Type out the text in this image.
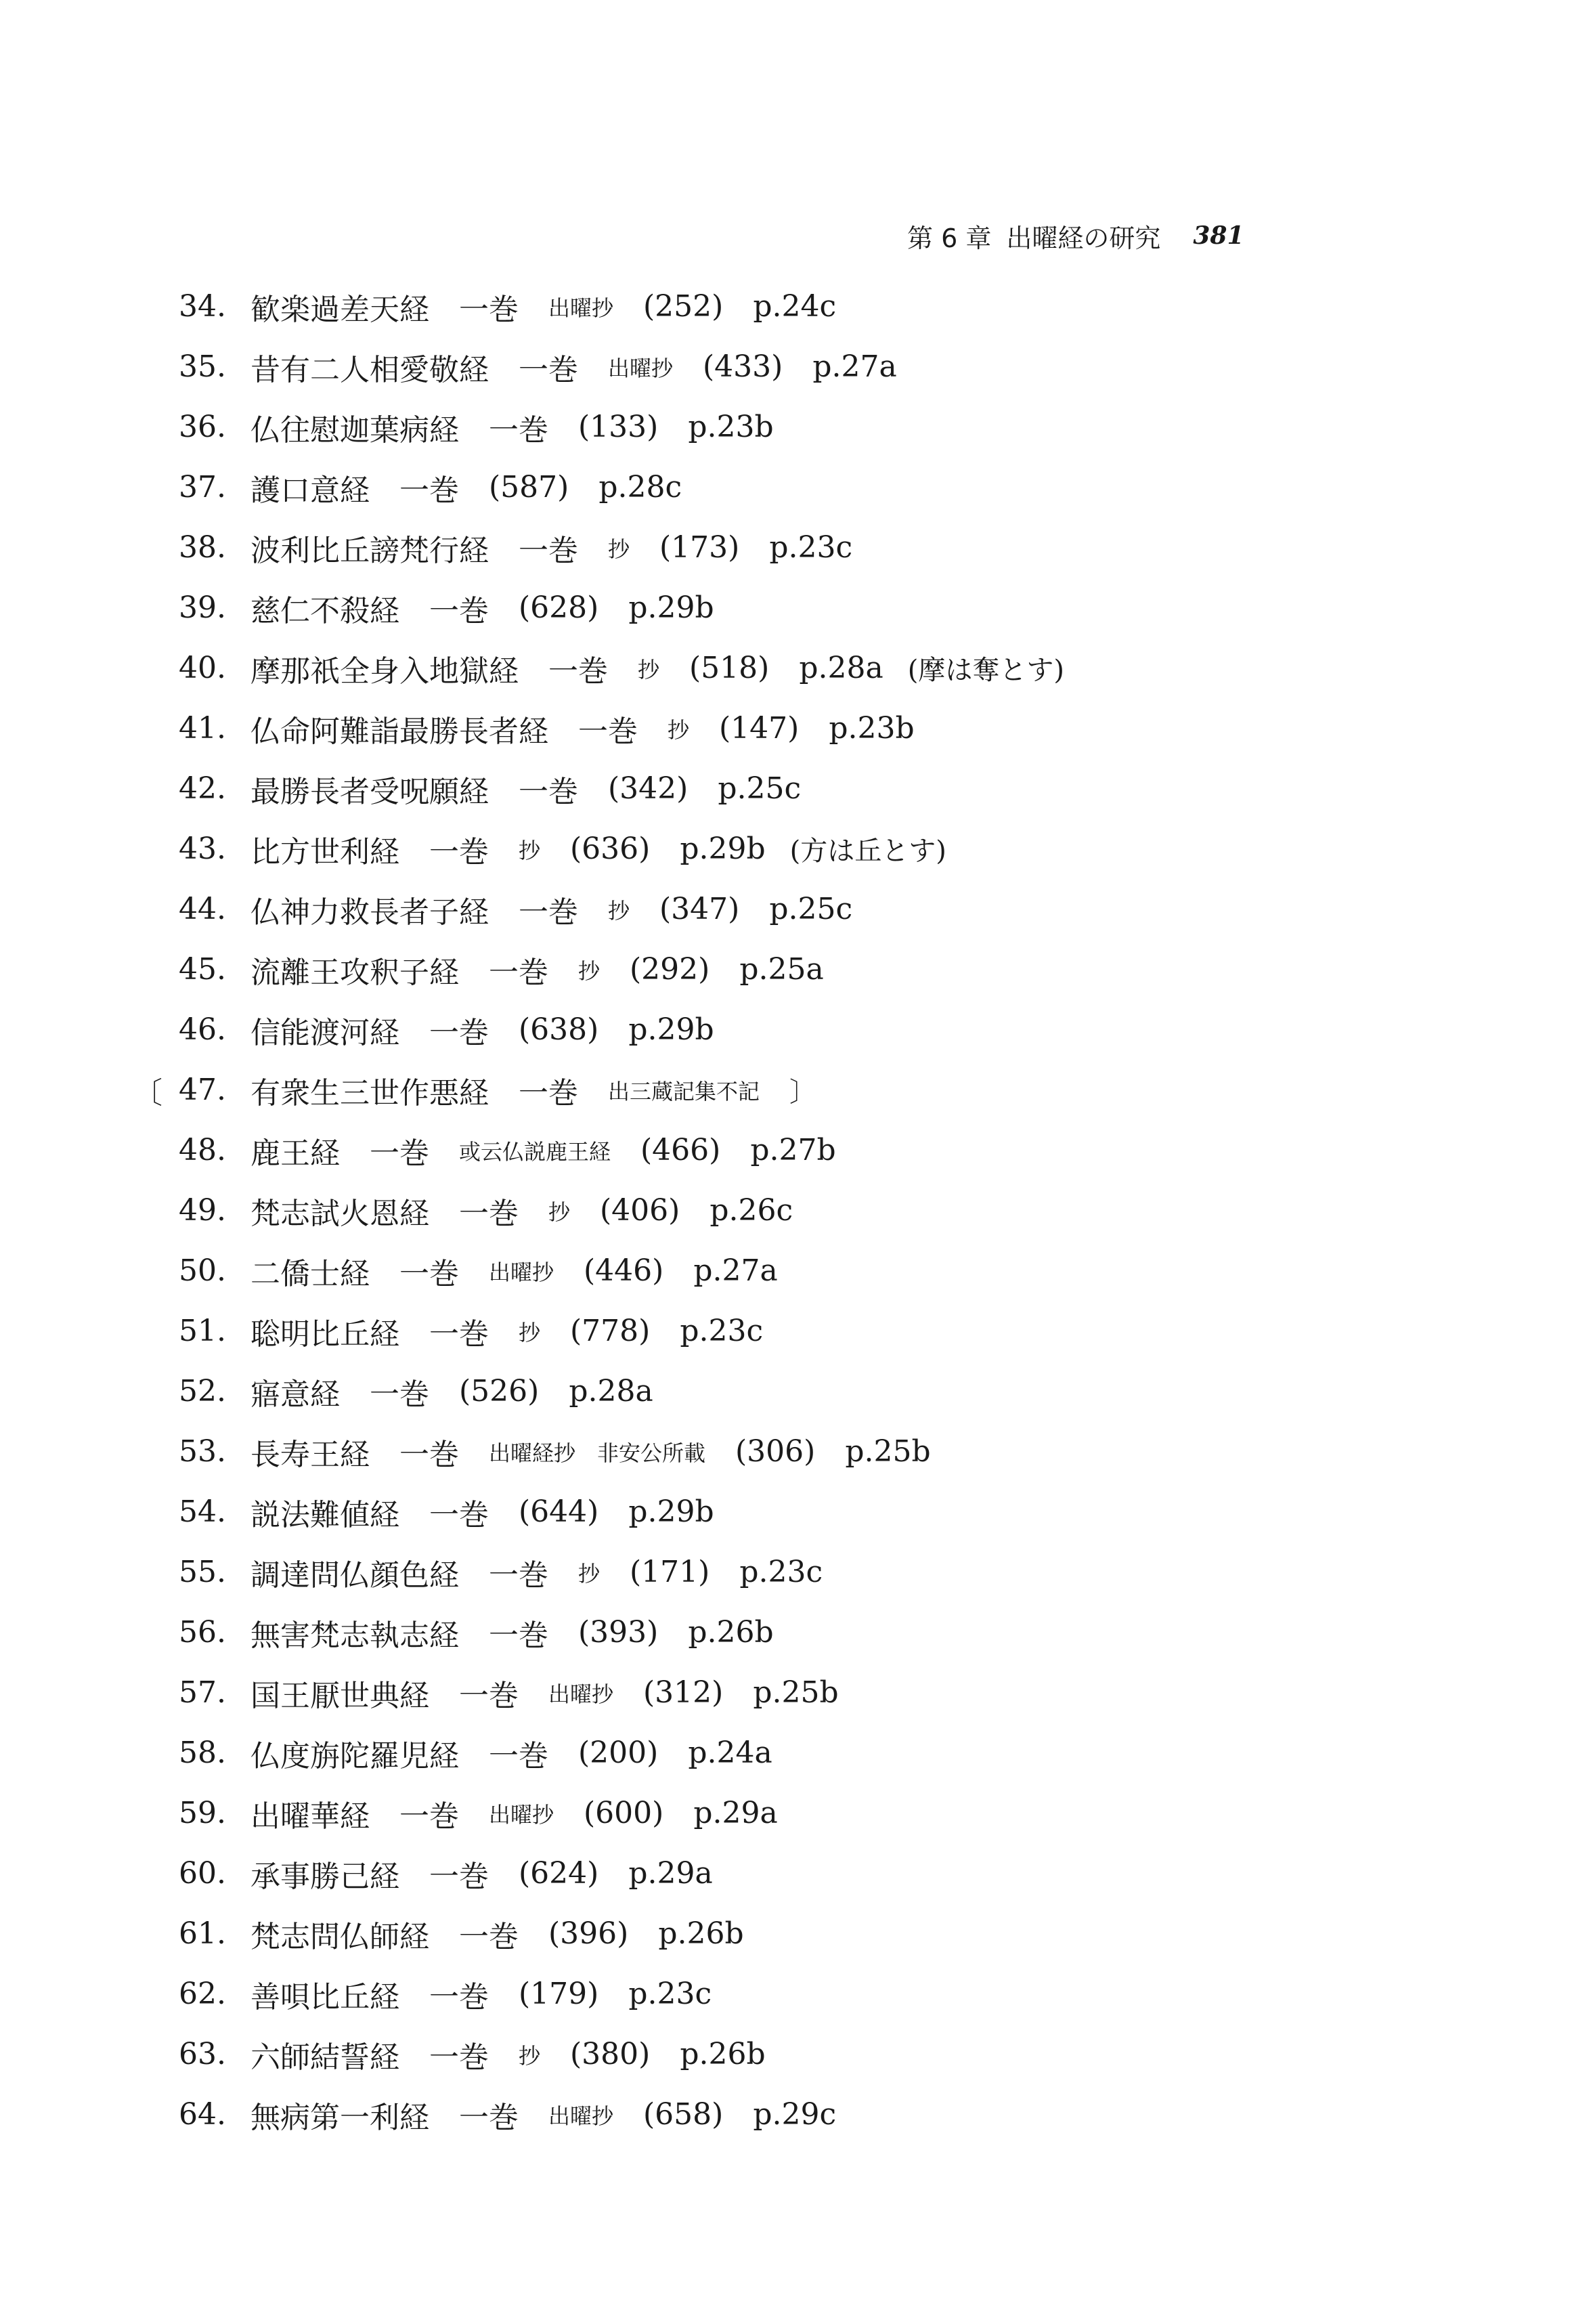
第 6 章 出曜経の研究 381
34. 歓楽過差天経 一巻 出曜抄 (252) p.24c
35. 昔有二人相愛敬経 一巻 出曜抄 (433) p.27a
36. 仏往慰迦葉病経 一巻 (133) p.23b
37. 護口意経 一巻 (587) p.28c
38. 波利比丘謗梵行経 一巻 抄 (173) p.23c
39. 慈仁不殺経 一巻 (628) p.29b
40. 摩那祇全身入地獄経 一巻 抄 (518) p.28a (摩は奪とす)
41. 仏命阿難詣最勝長者経 一巻 抄 (147) p.23b
42. 最勝長者受呪願経 一巻 (342) p.25c
43. 比方世利経 一巻 抄 (636) p.29b (方は丘とす)
44. 仏神力救長者子経 一巻 抄 (347) p.25c
45. 流離王攻釈子経 一巻 抄 (292) p.25a
46. 信能渡河経 一巻 (638) p.29b
〔 47. 有衆生三世作悪経 一巻 出三蔵記集不記 〕
48. 鹿王経 一巻 或云仏説鹿王経 (466) p.27b
49. 梵志試火恩経 一巻 抄 (406) p.26c
50. 二僑士経 一巻 出曜抄 (446) p.27a
51. 聡明比丘経 一巻 抄 (778) p.23c
52. 寤意経 一巻 (526) p.28a
53. 長寿王経 一巻 出曜経抄　非安公所載 (306) p.25b
54. 説法難値経 一巻 (644) p.29b
55. 調達問仏顔色経 一巻 抄 (171) p.23c
56. 無害梵志執志経 一巻 (393) p.26b
57. 国王厭世典経 一巻 出曜抄 (312) p.25b
58. 仏度旃陀羅児経 一巻 (200) p.24a
59. 出曜華経 一巻 出曜抄 (600) p.29a
60. 承事勝己経 一巻 (624) p.29a
61. 梵志問仏師経 一巻 (396) p.26b
62. 善唄比丘経 一巻 (179) p.23c
63. 六師結誓経 一巻 抄 (380) p.26b
64. 無病第一利経 一巻 出曜抄 (658) p.29c
